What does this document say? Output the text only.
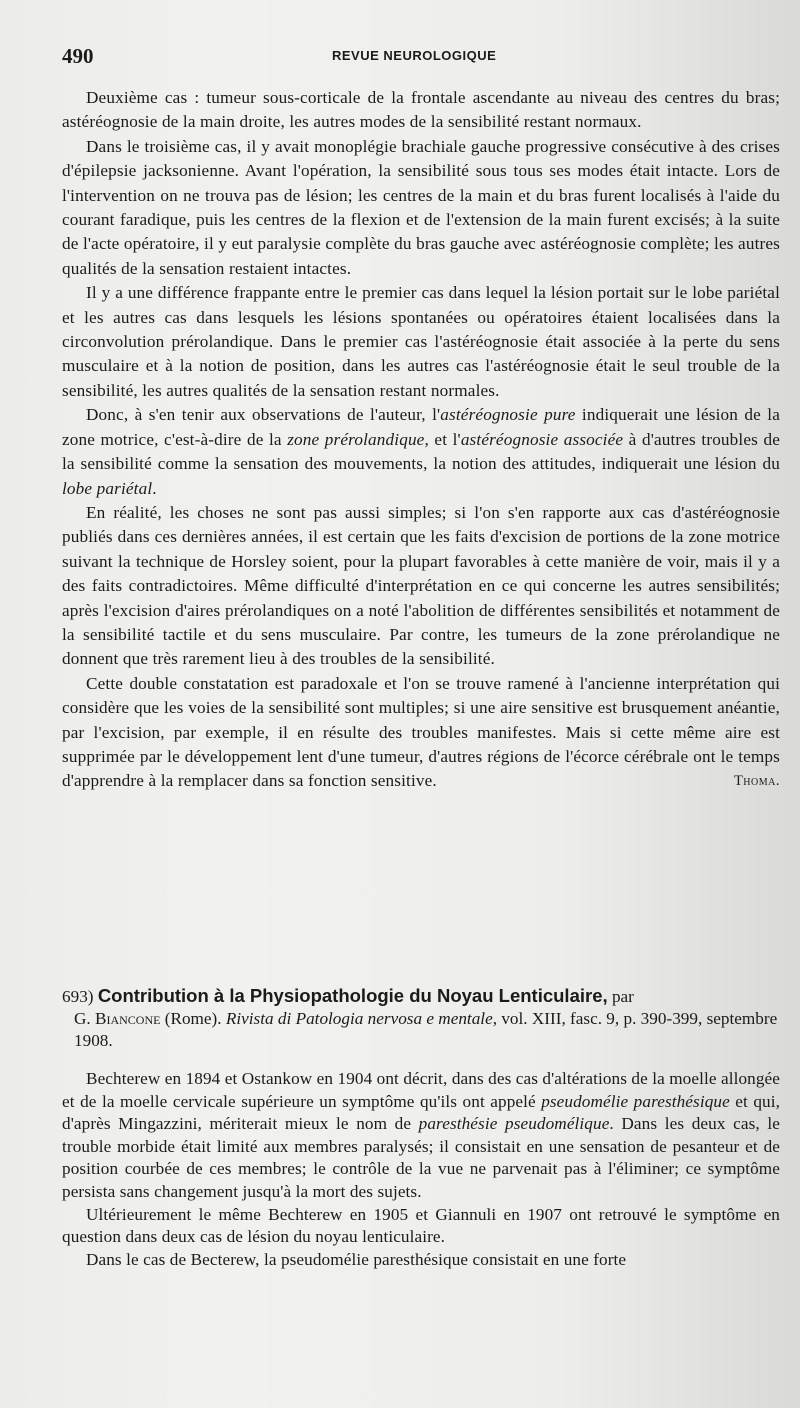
490	REVUE NEUROLOGIQUE

Deuxième cas : tumeur sous-corticale de la frontale ascendante au niveau des centres du bras; astéréognosie de la main droite, les autres modes de la sensibilité restant normaux.

Dans le troisième cas, il y avait monoplégie brachiale gauche progressive consécutive à des crises d'épilepsie jacksonienne. Avant l'opération, la sensibilité sous tous ses modes était intacte. Lors de l'intervention on ne trouva pas de lésion; les centres de la main et du bras furent localisés à l'aide du courant faradique, puis les centres de la flexion et de l'extension de la main furent excisés; à la suite de l'acte opératoire, il y eut paralysie complète du bras gauche avec astéréognosie complète; les autres qualités de la sensation restaient intactes.

Il y a une différence frappante entre le premier cas dans lequel la lésion portait sur le lobe pariétal et les autres cas dans lesquels les lésions spontanées ou opératoires étaient localisées dans la circonvolution prérolandique. Dans le premier cas l'astéréognosie était associée à la perte du sens musculaire et à la notion de position, dans les autres cas l'astéréognosie était le seul trouble de la sensibilité, les autres qualités de la sensation restant normales.

Donc, à s'en tenir aux observations de l'auteur, l'astéréognosie pure indiquerait une lésion de la zone motrice, c'est-à-dire de la zone prérolandique, et l'astéréognosie associée à d'autres troubles de la sensibilité comme la sensation des mouvements, la notion des attitudes, indiquerait une lésion du lobe pariétal.

En réalité, les choses ne sont pas aussi simples; si l'on s'en rapporte aux cas d'astéréognosie publiés dans ces dernières années, il est certain que les faits d'excision de portions de la zone motrice suivant la technique de Horsley soient, pour la plupart favorables à cette manière de voir, mais il y a des faits contradictoires. Même difficulté d'interprétation en ce qui concerne les autres sensibilités; après l'excision d'aires prérolandiques on a noté l'abolition de différentes sensibilités et notamment de la sensibilité tactile et du sens musculaire. Par contre, les tumeurs de la zone prérolandique ne donnent que très rarement lieu à des troubles de la sensibilité.

Cette double constatation est paradoxale et l'on se trouve ramené à l'ancienne interprétation qui considère que les voies de la sensibilité sont multiples; si une aire sensitive est brusquement anéantie, par l'excision, par exemple, il en résulte des troubles manifestes. Mais si cette même aire est supprimée par le développement lent d'une tumeur, d'autres régions de l'écorce cérébrale ont le temps d'apprendre à la remplacer dans sa fonction sensitive.	Thoma.

693) Contribution à la Physiopathologie du Noyau Lenticulaire, par
G. Biancone (Rome). Rivista di Patologia nervosa e mentale, vol. XIII, fasc. 9, p. 390-399, septembre 1908.

Bechterew en 1894 et Ostankow en 1904 ont décrit, dans des cas d'altérations de la moelle allongée et de la moelle cervicale supérieure un symptôme qu'ils ont appelé pseudomélie paresthésique et qui, d'après Mingazzini, mériterait mieux le nom de paresthésie pseudomélique. Dans les deux cas, le trouble morbide était limité aux membres paralysés; il consistait en une sensation de pesanteur et de position courbée de ces membres; le contrôle de la vue ne parvenait pas à l'éliminer; ce symptôme persista sans changement jusqu'à la mort des sujets.

Ultérieurement le même Bechterew en 1905 et Giannuli en 1907 ont retrouvé le symptôme en question dans deux cas de lésion du noyau lenticulaire.

Dans le cas de Becterew, la pseudomélie paresthésique consistait en une forte
